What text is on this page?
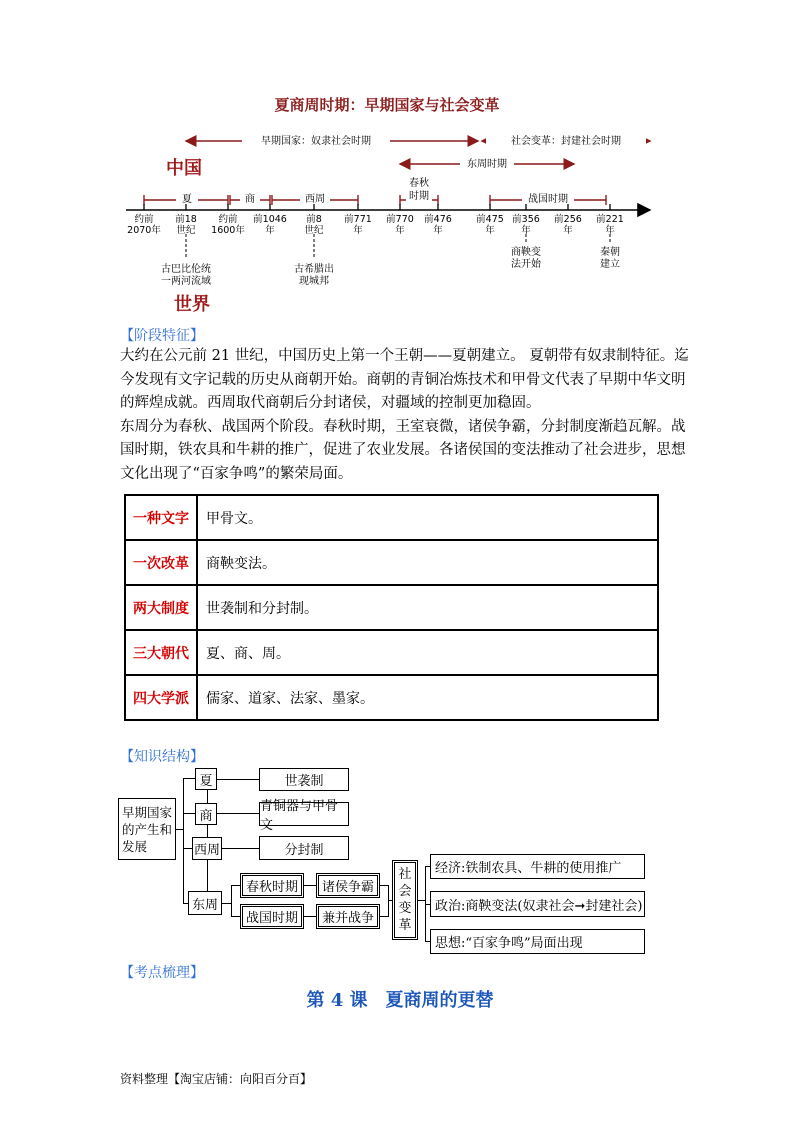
夏商周时期：早期国家与社会变革
早期国家：奴隶社会时期	社会变革：封建社会时期
中国	东周时期
夏	商	西周
春秋
时期	战国时期
约前
2070年
前18
世纪
约前
1600年
前1046
年
前8
世纪
前771
年
前770
年
前476
年
前475
年
前356
年
前256
年
前221
年
古巴比伦统
一两河流域
古希腊出
现城邦
商鞅变
法开始
秦朝
建立
世界
【阶段特征】
大约在公元前 21 世纪，中国历史上第一个王朝——夏朝建立。 夏朝带有奴隶制特征。迄
今发现有文字记载的历史从商朝开始。商朝的青铜冶炼技术和甲骨文代表了早期中华文明
的辉煌成就。西周取代商朝后分封诸侯，对疆域的控制更加稳固。
东周分为春秋、战国两个阶段。春秋时期，王室衰微，诸侯争霸，分封制度渐趋瓦解。战
国时期，铁农具和牛耕的推广，促进了农业发展。各诸侯国的变法推动了社会进步，思想
文化出现了“百家争鸣”的繁荣局面。
一种文字	甲骨文。
一次改革	商鞅变法。
两大制度	世袭制和分封制。
三大朝代	夏、商、周。
四大学派	儒家、道家、法家、墨家。
【知识结构】
早期国家
的产生和
发展
夏
商
西周
东周
世袭制
青铜器与甲骨文
分封制
春秋时期
战国时期
诸侯争霸
兼并战争
社
会
变
革
经济:铁制农具、牛耕的使用推广
政治:商鞅变法(奴隶社会➞封建社会)
思想:“百家争鸣”局面出现
【考点梳理】
第 4 课　夏商周的更替
资料整理【淘宝店铺：向阳百分百】
